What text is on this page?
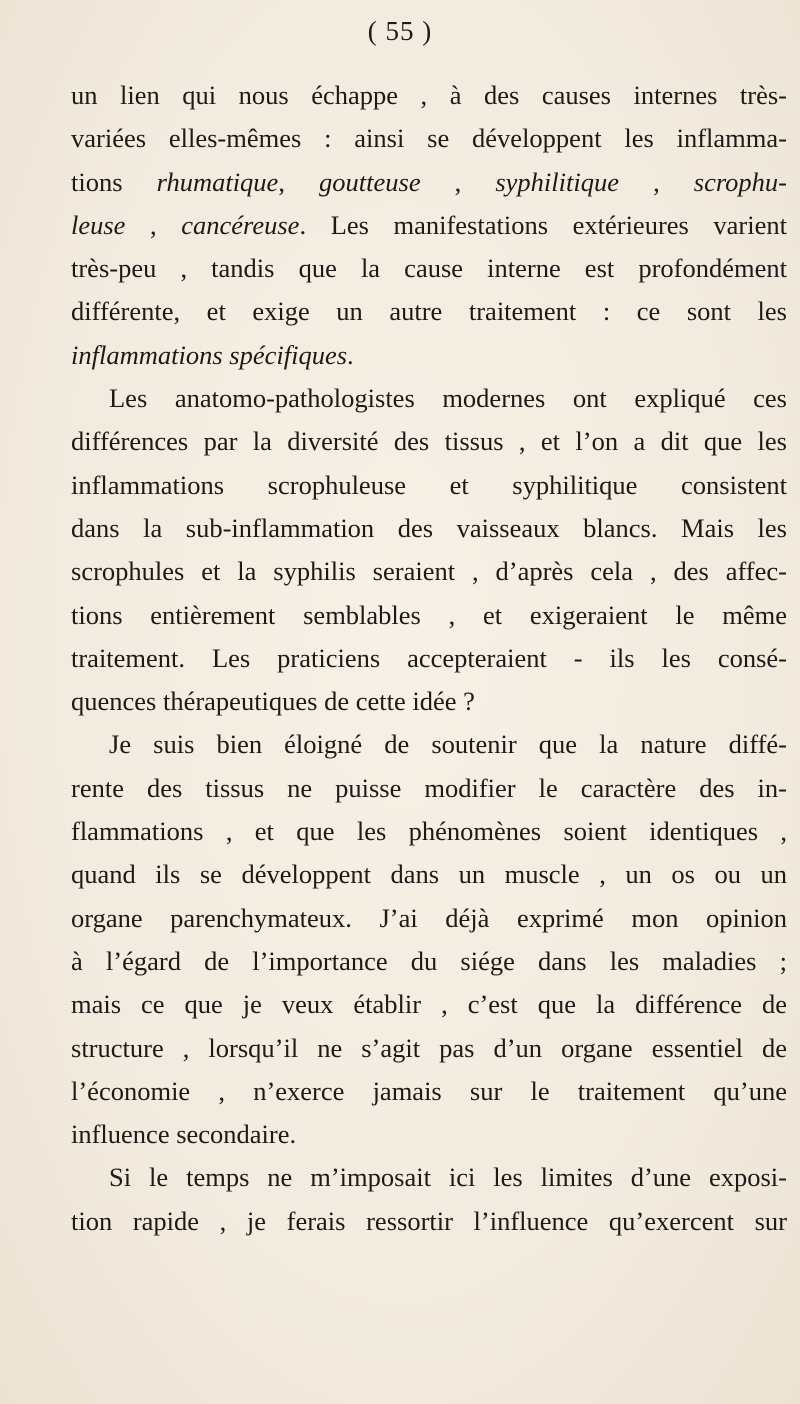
( 55 )
un lien qui nous échappe , à des causes internes très-
variées elles-mêmes : ainsi se développent les inflamma-
tions rhumatique, goutteuse , syphilitique , scrophu-
leuse , cancéreuse. Les manifestations extérieures varient
très-peu , tandis que la cause interne est profondément
différente, et exige un autre traitement : ce sont les
inflammations spécifiques.
Les anatomo-pathologistes modernes ont expliqué ces
différences par la diversité des tissus , et l’on a dit que les
inflammations scrophuleuse et syphilitique consistent
dans la sub-inflammation des vaisseaux blancs. Mais les
scrophules et la syphilis seraient , d’après cela , des affec-
tions entièrement semblables , et exigeraient le même
traitement. Les praticiens accepteraient - ils les consé-
quences thérapeutiques de cette idée ?
Je suis bien éloigné de soutenir que la nature diffé-
rente des tissus ne puisse modifier le caractère des in-
flammations , et que les phénomènes soient identiques ,
quand ils se développent dans un muscle , un os ou un
organe parenchymateux. J’ai déjà exprimé mon opinion
à l’égard de l’importance du siége dans les maladies ;
mais ce que je veux établir , c’est que la différence de
structure , lorsqu’il ne s’agit pas d’un organe essentiel de
l’économie , n’exerce jamais sur le traitement qu’une
influence secondaire.
Si le temps ne m’imposait ici les limites d’une exposi-
tion rapide , je ferais ressortir l’influence qu’exercent sur
